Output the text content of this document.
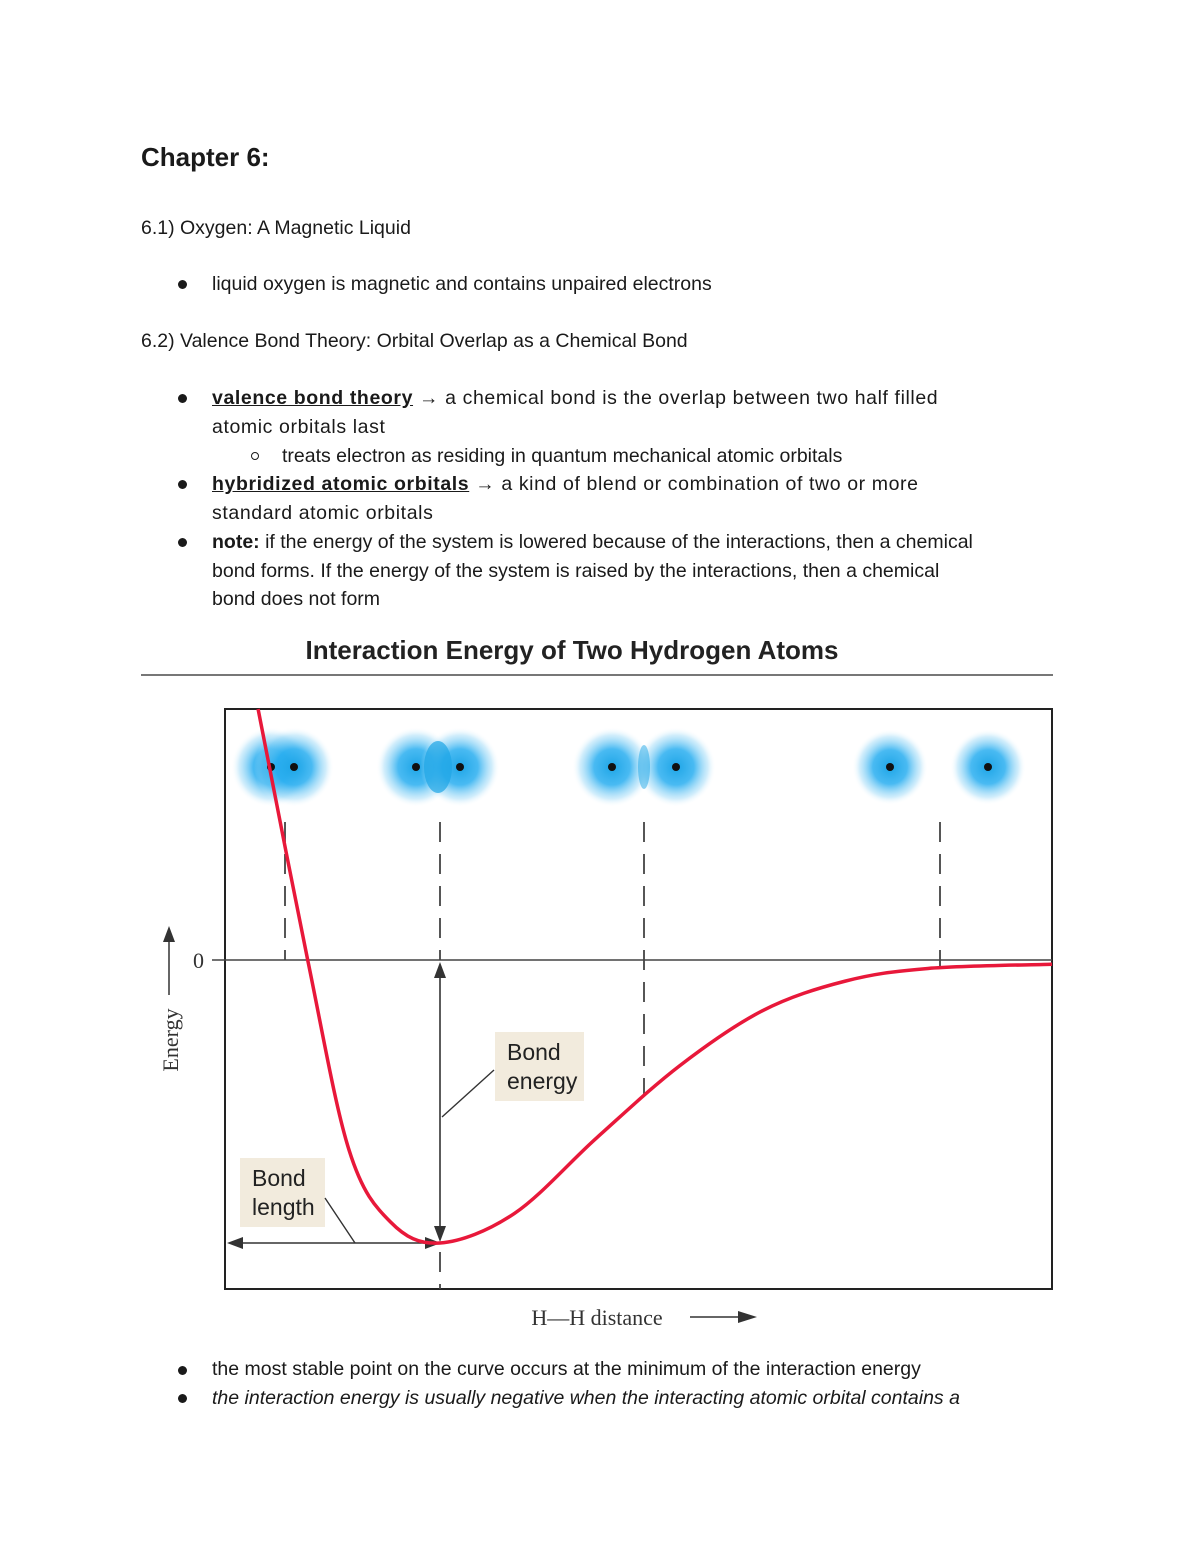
Chapter 6:

6.1) Oxygen: A Magnetic Liquid

liquid oxygen is magnetic and contains unpaired electrons

6.2) Valence Bond Theory: Orbital Overlap as a Chemical Bond

valence bond theory → a chemical bond is the overlap between two half filled
atomic orbitals last
treats electron as residing in quantum mechanical atomic orbitals
hybridized atomic orbitals → a kind of blend or combination of two or more
standard atomic orbitals
note: if the energy of the system is lowered because of the interactions, then a chemical
bond forms. If the energy of the system is raised by the interactions, then a chemical
bond does not form
Interaction Energy of Two Hydrogen Atoms
0
Energy
H—H distance
Bond
energy
Bond
length
the most stable point on the curve occurs at the minimum of the interaction energy
the interaction energy is usually negative when the interacting atomic orbital contains a
